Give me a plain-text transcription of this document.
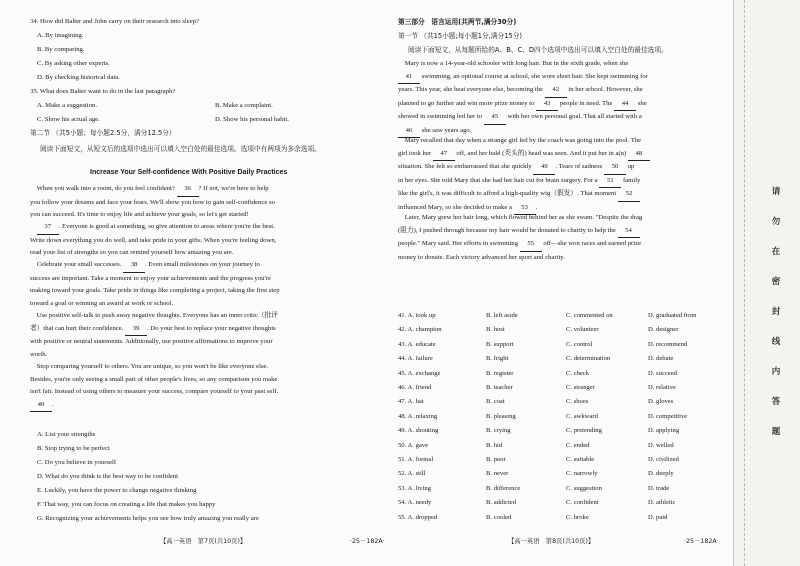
34. How did Balter and John carry on their research into sleep?
A. By imagining.
B. By comparing.
C. By asking other experts.
D. By checking historical data.
35. What does Balter want to do in the last paragraph?
A. Make a suggestion.	B. Make a complaint.
C. Show his actual age.	D. Show his personal habit.
第二节 （共5小题；每小题2.5分，满分12.5分）
阅读下面短文，从短文后的选项中选出可以填入空白处的最佳选项。选项中有两项为多余选项。
Increase Your Self-confidence With Positive Daily Practices
When you walk into a room, do you feel confident? 36 ? If not, we're here to help
you follow your dreams and face your fears. We'll show you how to gain self-confidence so
you can succeed. It's time to enjoy life and achieve your goals, so let's get started!
37 . Everyone is good at something, so give attention to areas where you're the best.
Write down everything you do well, and take pride in your gifts. When you're feeling down,
read your list of strengths so you can remind yourself how amazing you are.
Celebrate your small successes. 38 . Even small milestones on your journey to
success are important. Take a moment to enjoy your achievements and the progress you're
making toward your goals. Take pride in things like completing a project, taking the first step
toward a goal or winning an award at work or school.
Use positive self-talk to push away negative thoughts. Everyone has an inner critic（批评
者）that can hurt their confidence. 39 . Do your best to replace your negative thoughts
with positive or neutral statements. Additionally, use positive affirmations to improve your
worth.
Stop comparing yourself to others. You are unique, so you won't be like everyone else.
Besides, you're only seeing a small part of other people's lives, so any comparison you make
isn't fair. Instead of using others to measure your success, compare yourself to your past self.
40 .
A. List your strengths
B. Stop trying to be perfect
C. Do you believe in yourself
D. What do you think is the best way to be confident
E. Luckily, you have the power to change negative thinking
F. That way, you can focus on creating a life that makes you happy
G. Recognizing your achievements helps you see how truly amazing you really are
【高一英语　第7页(共10页)】	·25－182A·
第三部分　语言运用(共两节,满分30分)
第一节 （共15小题;每小题1分,满分15分)
阅读下面短文，从每题所给的A、B、C、D四个选项中选出可以填入空白处的最佳选项。
Mary is now a 14-year-old schooler with long hair. But in the sixth grade, when she
41 swimming, an optional course at school, she wore short hair. She kept swimming for
years. This year, she beat everyone else, becoming the 42 in her school. However, she
planned to go further and win more prize money to 43 people in need. The 44 she
showed in swimming led her to 45 with her own personal goal. That all started with a
46 she saw years ago.
Mary recalled that day when a strange girl led by the coach was going into the pool. The
girl took her 47 off, and her bald (秃头的) head was seen. And it put her in a(n) 48
situation. She felt so embarrassed that she quickly 49 . Tears of sadness 50 up
in her eyes. She told Mary that she had her hair cut for brain surgery. For a 51 family
like the girl's, it was difficult to afford a high-quality wig（假发）. That moment 52
influenced Mary, so she decided to make a 53 .
Later, Mary grew her hair long, which flowed behind her as she swam. "Despite the drag
(阻力), I pushed through because my hair would be donated to charity to help the 54
people." Mary said. Her efforts in swimming 55 off—she won races and earned prize
money to donate. Each victory advanced her sport and charity.
41. A. took up	B. left aside	C. commented on	D. graduated from
42. A. champion	B. host	C. volunteer	D. designer
43. A. educate	B. support	C. control	D. recommend
44. A. failure	B. fright	C. determination	D. debate
45. A. exchange	B. register	C. check	D. succeed
46. A. friend	B. teacher	C. stranger	D. relative
47. A. hat	B. coat	C. shoes	D. gloves
48. A. relaxing	B. pleasing	C. awkward	D. competitive
49. A. shouting	B. crying	C. pretending	D. applying
50. A. gave	B. hid	C. ended	D. welled
51. A. formal	B. poor	C. suitable	D. civilized
52. A. still	B. never	C. narrowly	D. deeply
53. A. living	B. difference	C. suggestion	D. trade
54. A. needy	B. addicted	C. confident	D. athletic
55. A. dropped	B. cooled	C. broke	D. paid
【高一英语　第8页(共10页)】	·25－182A·
请
勿
在
密
封
线
内
答
题
